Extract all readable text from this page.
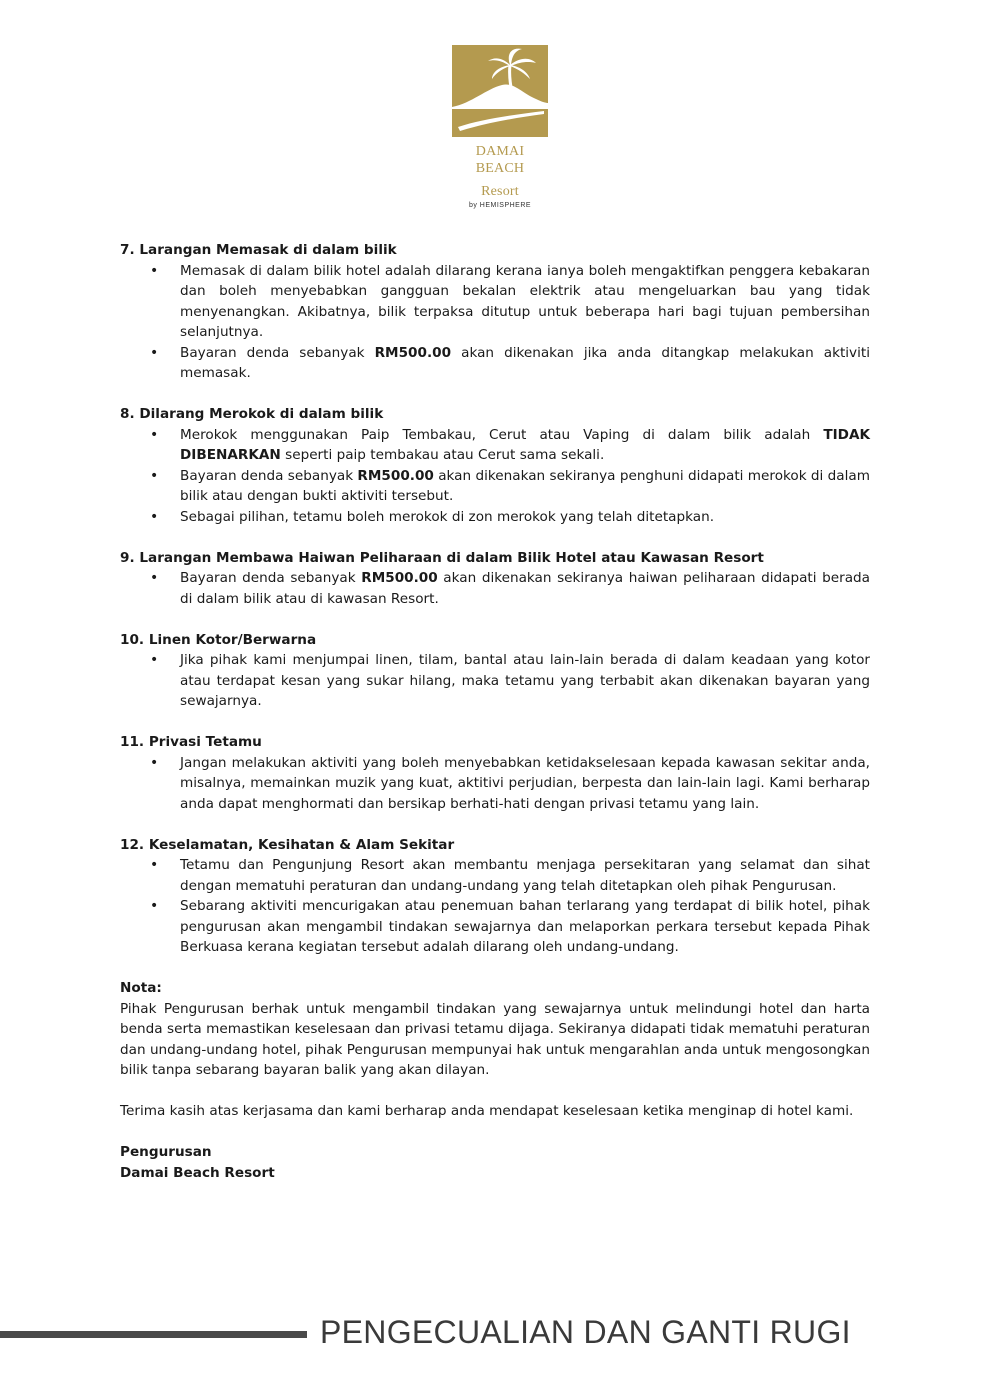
DAMAI BEACH
Resort
by HEMISPHERE
7. Larangan Memasak di dalam bilik
• Memasak di dalam bilik hotel adalah dilarang kerana ianya boleh mengaktifkan penggera kebakaran dan boleh menyebabkan gangguan bekalan elektrik atau mengeluarkan bau yang tidak menyenangkan. Akibatnya, bilik terpaksa ditutup untuk beberapa hari bagi tujuan pembersihan selanjutnya.
• Bayaran denda sebanyak RM500.00 akan dikenakan jika anda ditangkap melakukan aktiviti memasak.
8. Dilarang Merokok di dalam bilik
• Merokok menggunakan Paip Tembakau, Cerut atau Vaping di dalam bilik adalah TIDAK DIBENARKAN seperti paip tembakau atau Cerut sama sekali.
• Bayaran denda sebanyak RM500.00 akan dikenakan sekiranya penghuni didapati merokok di dalam bilik atau dengan bukti aktiviti tersebut.
• Sebagai pilihan, tetamu boleh merokok di zon merokok yang telah ditetapkan.
9. Larangan Membawa Haiwan Peliharaan di dalam Bilik Hotel atau Kawasan Resort
• Bayaran denda sebanyak RM500.00 akan dikenakan sekiranya haiwan peliharaan didapati berada di dalam bilik atau di kawasan Resort.
10. Linen Kotor/Berwarna
• Jika pihak kami menjumpai linen, tilam, bantal atau lain-lain berada di dalam keadaan yang kotor atau terdapat kesan yang sukar hilang, maka tetamu yang terbabit akan dikenakan bayaran yang sewajarnya.
11. Privasi Tetamu
• Jangan melakukan aktiviti yang boleh menyebabkan ketidakselesaan kepada kawasan sekitar anda, misalnya, memainkan muzik yang kuat, aktitivi perjudian, berpesta dan lain-lain lagi. Kami berharap anda dapat menghormati dan bersikap berhati-hati dengan privasi tetamu yang lain.
12. Keselamatan, Kesihatan & Alam Sekitar
• Tetamu dan Pengunjung Resort akan membantu menjaga persekitaran yang selamat dan sihat dengan mematuhi peraturan dan undang-undang yang telah ditetapkan oleh pihak Pengurusan.
• Sebarang aktiviti mencurigakan atau penemuan bahan terlarang yang terdapat di bilik hotel, pihak pengurusan akan mengambil tindakan sewajarnya dan melaporkan perkara tersebut kepada Pihak Berkuasa kerana kegiatan tersebut adalah dilarang oleh undang-undang.
Nota:
Pihak Pengurusan berhak untuk mengambil tindakan yang sewajarnya untuk melindungi hotel dan harta benda serta memastikan keselesaan dan privasi tetamu dijaga. Sekiranya didapati tidak mematuhi peraturan dan undang-undang hotel, pihak Pengurusan mempunyai hak untuk mengarahlan anda untuk mengosongkan bilik tanpa sebarang bayaran balik yang akan dilayan.
Terima kasih atas kerjasama dan kami berharap anda mendapat keselesaan ketika menginap di hotel kami.
Pengurusan
Damai Beach Resort
PENGECUALIAN DAN GANTI RUGI
